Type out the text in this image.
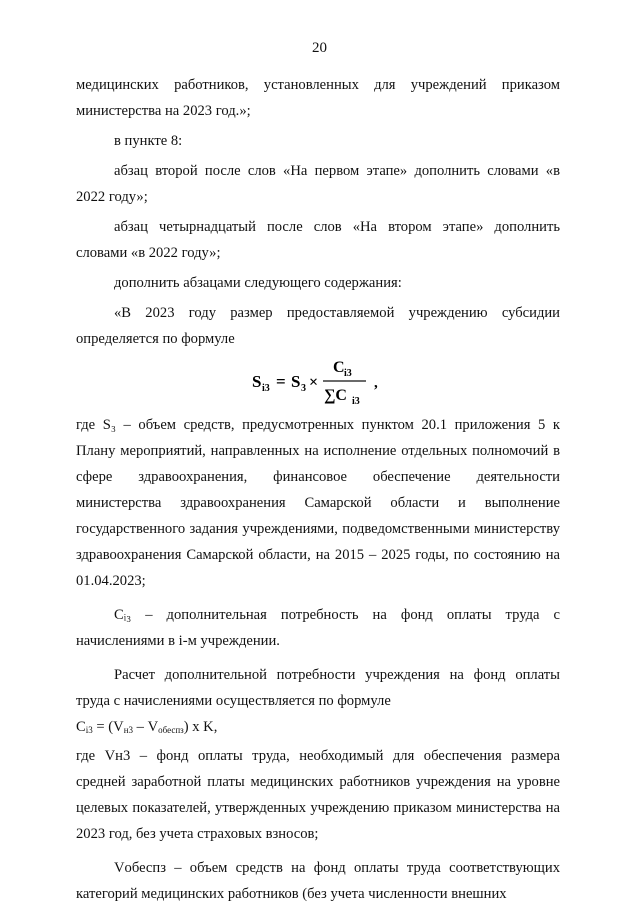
20

медицинских работников, установленных для учреждений приказом министерства на 2023 год.»;

в пункте 8:

абзац второй после слов «На первом этапе» дополнить словами «в 2022 году»;

абзац четырнадцатый после слов «На втором этапе» дополнить словами «в 2022 году»;

дополнить абзацами следующего содержания:

«В 2023 году размер предоставляемой учреждению субсидии определяется по формуле

S i3 = S 3 ×
C i3
∑C i3
,

где S₃ – объем средств, предусмотренных пунктом 20.1 приложения 5 к Плану мероприятий, направленных на исполнение отдельных полномочий в сфере здравоохранения, финансовое обеспечение деятельности министерства здравоохранения Самарской области и выполнение государственного задания учреждениями, подведомственными министерству здравоохранения Самарской области, на 2015 – 2025 годы, по состоянию на 01.04.2023;

Cᵢ₃ – дополнительная потребность на фонд оплаты труда с начислениями в i-м учреждении.

Расчет дополнительной потребности учреждения на фонд оплаты труда с начислениями осуществляется по формуле

$C_{i3} = (V_{н3} - V_{обеспз})$ x K,

где Vн3 – фонд оплаты труда, необходимый для обеспечения размера средней заработной платы медицинских работников учреждения на уровне целевых показателей, утвержденных учреждению приказом министерства на 2023 год, без учета страховых взносов;

Vобеспз – объем средств на фонд оплаты труда соответствующих категорий медицинских работников (без учета численности внешних
